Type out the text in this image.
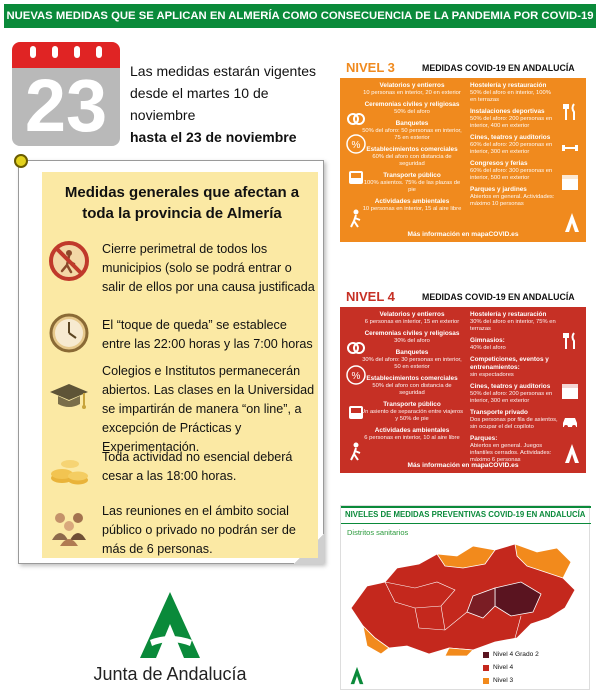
NUEVAS MEDIDAS QUE SE APLICAN EN ALMERÍA COMO CONSECUENCIA DE LA PANDEMIA POR COVID-19
23	Las medidas estarán vigentes
desde el martes 10 de noviembre
hasta el 23 de noviembre
Medidas generales que afectan a toda la provincia de Almería
Cierre perimetral de todos los municipios (solo se podrá entrar o salir de ellos por una causa justificada
El “toque de queda” se establece entre las 22:00 horas y las 7:00 horas
Colegios e Institutos permanecerán abiertos. Las clases en la Universidad se impartirán de manera “on line”, a excepción de Prácticas y Experimentación.
Toda actividad no esencial deberá cesar a las 18:00 horas.
Las reuniones en el ámbito social público o privado no podrán ser de más de 6 personas.
NIVEL 3	MEDIDAS COVID-19 EN ANDALUCÍA
%
Velatorios y entierros
10 personas en interior, 20 en exterior
Ceremonias civiles y religiosas
50% del aforo
Banquetes
50% del aforo: 50 personas en interior, 75 en exterior
Establecimientos comerciales
60% del aforo con distancia de seguridad
Transporte público
100% asientos. 75% de las plazas de pie
Actividades ambientales
10 personas en interior, 15 al aire libre
Hostelería y restauración
50% del aforo en interior, 100% en terrazas
Instalaciones deportivas
50% del aforo: 200 personas en interior, 400 en exterior
Cines, teatros y auditorios
60% del aforo: 200 personas en interior, 300 en exterior
Congresos y ferias
60% del aforo: 300 personas en interior, 500 en exterior
Parques y jardines
Abiertos en general. Actividades: máximo 10 personas
Más información en mapaCOVID.es
NIVEL 4	MEDIDAS COVID-19 EN ANDALUCÍA
%
Velatorios y entierros
6 personas en interior, 15 en exterior
Ceremonias civiles y religiosas
30% del aforo
Banquetes
30% del aforo: 30 personas en interior, 50 en exterior
Establecimientos comerciales
50% del aforo con distancia de seguridad
Transporte público
Un asiento de separación entre viajeros y 50% de pie
Actividades ambientales
6 personas en interior, 10 al aire libre
Hostelería y restauración
30% del aforo en interior, 75% en terrazas
Gimnasios:
40% del aforo
Competiciones, eventos y entrenamientos:
sin espectadores
Cines, teatros y auditorios
50% del aforo: 200 personas en interior, 300 en exterior
Transporte privado
Dos personas por fila de asientos, sin ocupar el del copiloto
Parques:
Abiertos en general. Juegos infantiles cerrados. Actividades: máximo 6 personas
Más información en mapaCOVID.es
NIVELES DE MEDIDAS PREVENTIVAS COVID-19 EN ANDALUCÍA
Distritos sanitarios
Nivel 4 Grado 2
Nivel 4
Nivel 3
Junta de Andalucía
